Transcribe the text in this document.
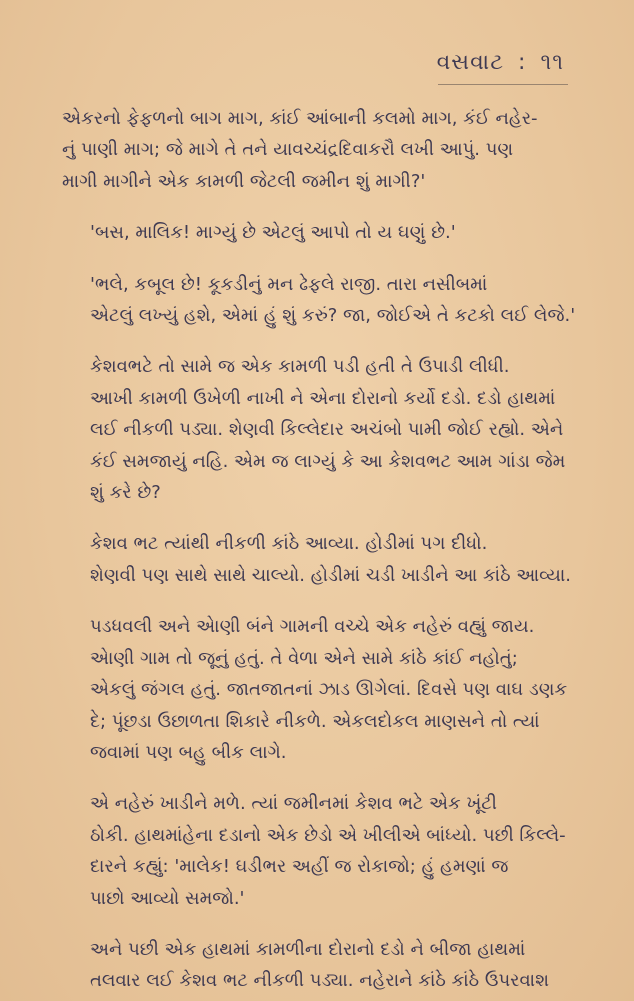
વસવાટ : ૧૧

એકરનો ફેફળનો બાગ માગ, કાંઈ આંબાની કલમો માગ, કંઈ નહેર-
નું પાણી માગ; જે માગે તે તને યાવચ્ચંદ્રદિવાકરૌ લખી આપું. પણ
માગી માગીને એક કામળી જેટલી જમીન શું માગી?'

'બસ, માલિક! માગ્યું છે એટલું આપો તો ય ઘણું છે.'

'ભલે, કબૂલ છે! કૂકડીનું મન ઢેફલે રાજી. તારા નસીબમાં
એટલું લખ્યું હશે, એમાં હું શું કરું? જા, જોઈએ તે કટકો લઈ લેજે.'

કેશવભટે તો સામે જ એક કામળી પડી હતી તે ઉપાડી લીધી.
આખી કામળી ઉખેળી નાખી ને એના દોરાનો કર્યો દડો. દડો હાથમાં
લઈ નીકળી પડ્યા. શેણવી કિલ્લેદાર અચંબો પામી જોઈ રહ્યો. એને
કંઈ સમજાયું નહિ. એમ જ લાગ્યું કે આ કેશવભટ આમ ગાંડા જેમ
શું કરે છે?

કેશવ ભટ ત્યાંથી નીકળી કાંઠે આવ્યા. હોડીમાં પગ દીધો.
શેણવી પણ સાથે સાથે ચાલ્યો. હોડીમાં ચડી ખાડીને આ કાંઠે આવ્યા.

પડધવલી અને એાણી બંને ગામની વચ્ચે એક નહેરું વહ્યું જાય.
એાણી ગામ તો જૂનું હતું. તે વેળા એને સામે કાંઠે કાંઈ નહોતું;
એકલું જંગલ હતું. જાતજાતનાં ઝાડ ઊગેલાં. દિવસે પણ વાઘ ડણક
દે; પૂંછડા ઉછાળતા શિકારે નીકળે. એકલદોકલ માણસને તો ત્યાં
જવામાં પણ બહુ બીક લાગે.

એ નહેરું ખાડીને મળે. ત્યાં જમીનમાં કેશવ ભટે એક ખૂંટી
ઠોકી. હાથમાંહેના દડાનો એક છેડો એ ખીલીએ બાંધ્યો. પછી કિલ્લે-
દારને કહ્યું: 'માલેક! ઘડીભર અહીં જ રોકાજો; હું હમણાં જ
પાછો આવ્યો સમજો.'

અને પછી એક હાથમાં કામળીના દોરાનો દડો ને બીજા હાથમાં
તલવાર લઈ કેશવ ભટ નીકળી પડ્યા. નહેરાને કાંઠે કાંઠે ઉપરવાશ
